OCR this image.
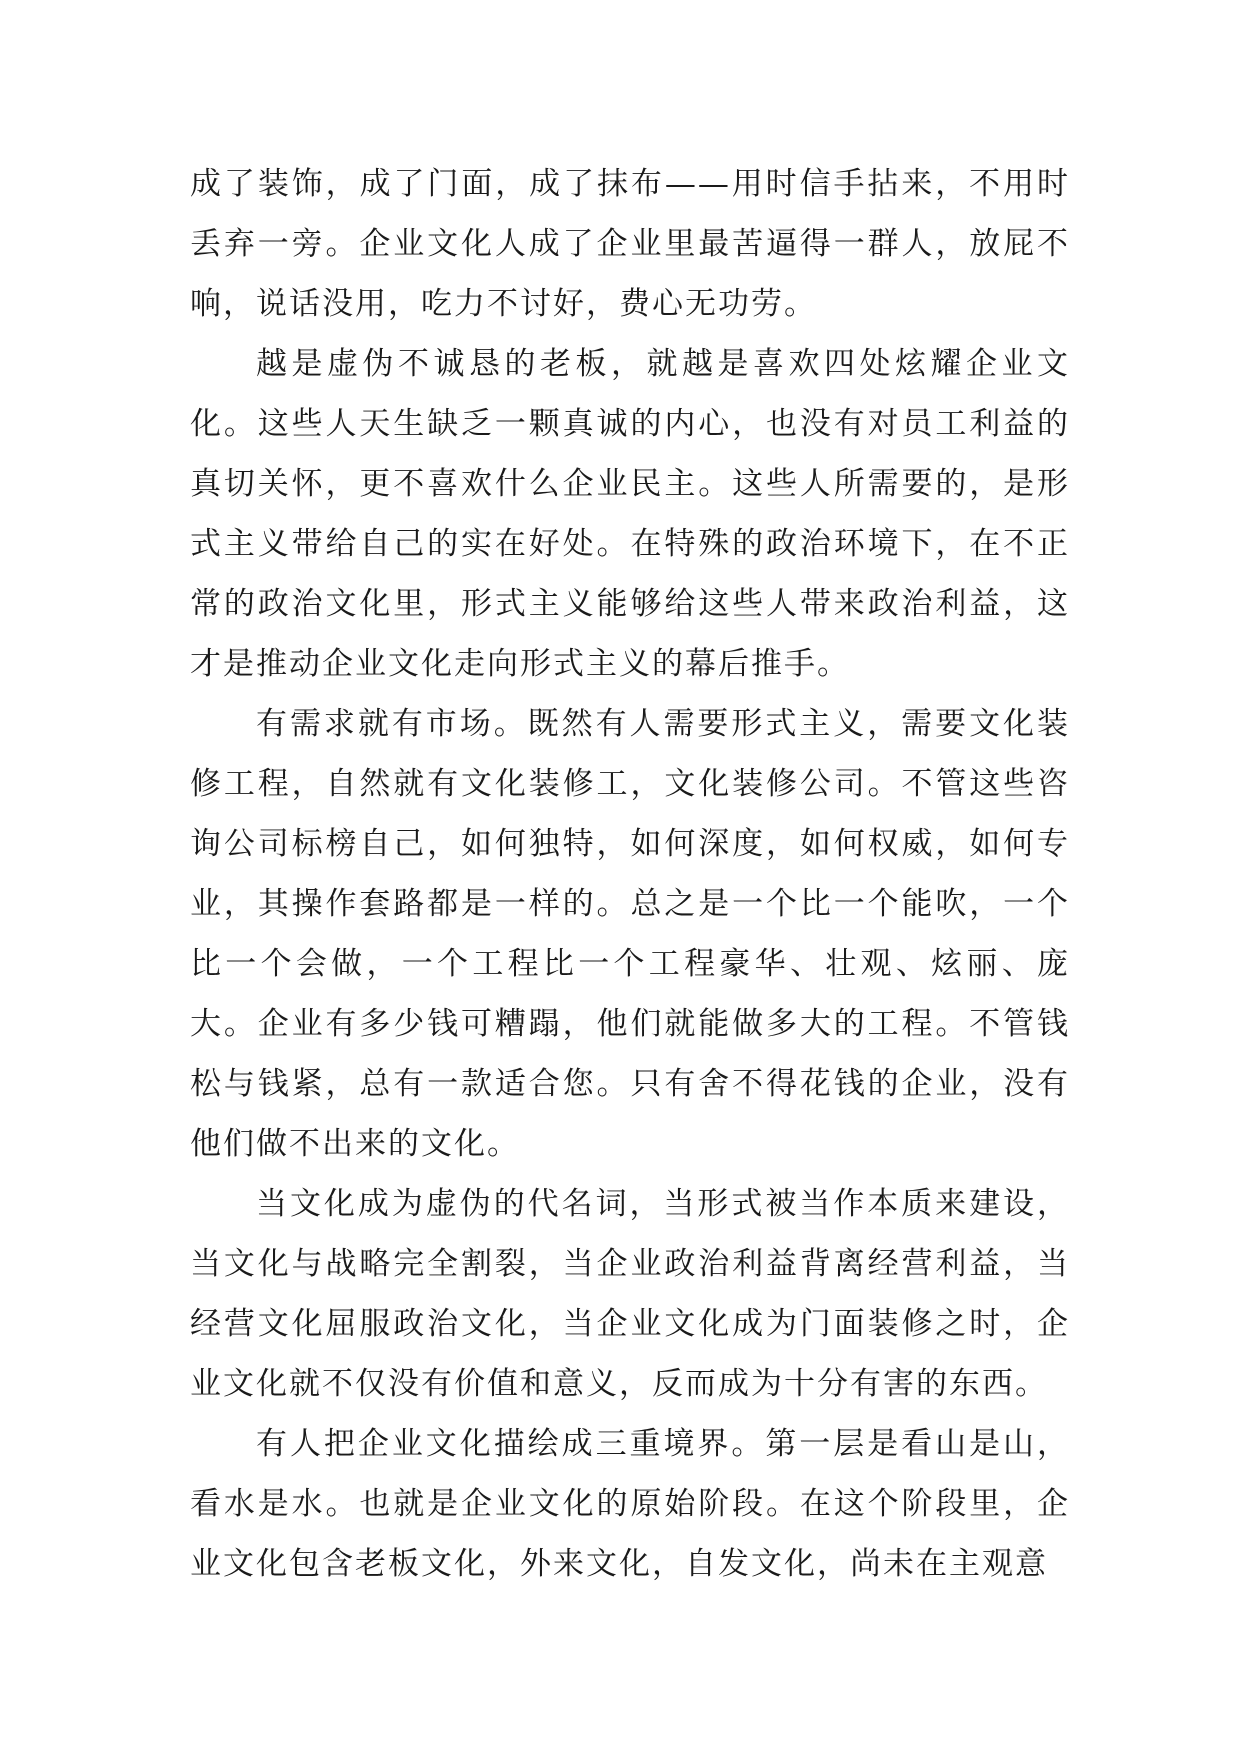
成了装饰，成了门面，成了抹布——用时信手拈来，不用时丢弃一旁。企业文化人成了企业里最苦逼得一群人，放屁不响，说话没用，吃力不讨好，费心无功劳。

越是虚伪不诚恳的老板，就越是喜欢四处炫耀企业文化。这些人天生缺乏一颗真诚的内心，也没有对员工利益的真切关怀，更不喜欢什么企业民主。这些人所需要的，是形式主义带给自己的实在好处。在特殊的政治环境下，在不正常的政治文化里，形式主义能够给这些人带来政治利益，这才是推动企业文化走向形式主义的幕后推手。

有需求就有市场。既然有人需要形式主义，需要文化装修工程，自然就有文化装修工，文化装修公司。不管这些咨询公司标榜自己，如何独特，如何深度，如何权威，如何专业，其操作套路都是一样的。总之是一个比一个能吹，一个比一个会做，一个工程比一个工程豪华、壮观、炫丽、庞大。企业有多少钱可糟蹋，他们就能做多大的工程。不管钱松与钱紧，总有一款适合您。只有舍不得花钱的企业，没有他们做不出来的文化。

当文化成为虚伪的代名词，当形式被当作本质来建设，当文化与战略完全割裂，当企业政治利益背离经营利益，当经营文化屈服政治文化，当企业文化成为门面装修之时，企业文化就不仅没有价值和意义，反而成为十分有害的东西。

有人把企业文化描绘成三重境界。第一层是看山是山，看水是水。也就是企业文化的原始阶段。在这个阶段里，企业文化包含老板文化，外来文化，自发文化，尚未在主观意
